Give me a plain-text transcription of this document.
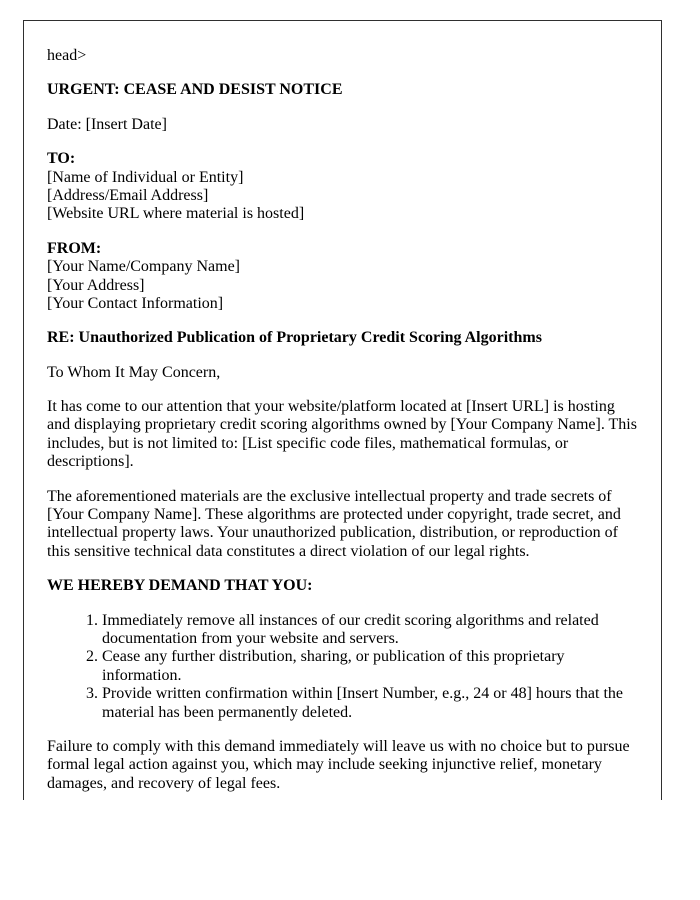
head>

URGENT: CEASE AND DESIST NOTICE

Date: [Insert Date]

TO:
[Name of Individual or Entity]
[Address/Email Address]
[Website URL where material is hosted]

FROM:
[Your Name/Company Name]
[Your Address]
[Your Contact Information]

RE: Unauthorized Publication of Proprietary Credit Scoring Algorithms

To Whom It May Concern,

It has come to our attention that your website/platform located at [Insert URL] is hosting and displaying proprietary credit scoring algorithms owned by [Your Company Name]. This includes, but is not limited to: [List specific code files, mathematical formulas, or descriptions].

The aforementioned materials are the exclusive intellectual property and trade secrets of [Your Company Name]. These algorithms are protected under copyright, trade secret, and intellectual property laws. Your unauthorized publication, distribution, or reproduction of this sensitive technical data constitutes a direct violation of our legal rights.

WE HEREBY DEMAND THAT YOU:

1. Immediately remove all instances of our credit scoring algorithms and related documentation from your website and servers.
2. Cease any further distribution, sharing, or publication of this proprietary information.
3. Provide written confirmation within [Insert Number, e.g., 24 or 48] hours that the material has been permanently deleted.

Failure to comply with this demand immediately will leave us with no choice but to pursue formal legal action against you, which may include seeking injunctive relief, monetary damages, and recovery of legal fees.
